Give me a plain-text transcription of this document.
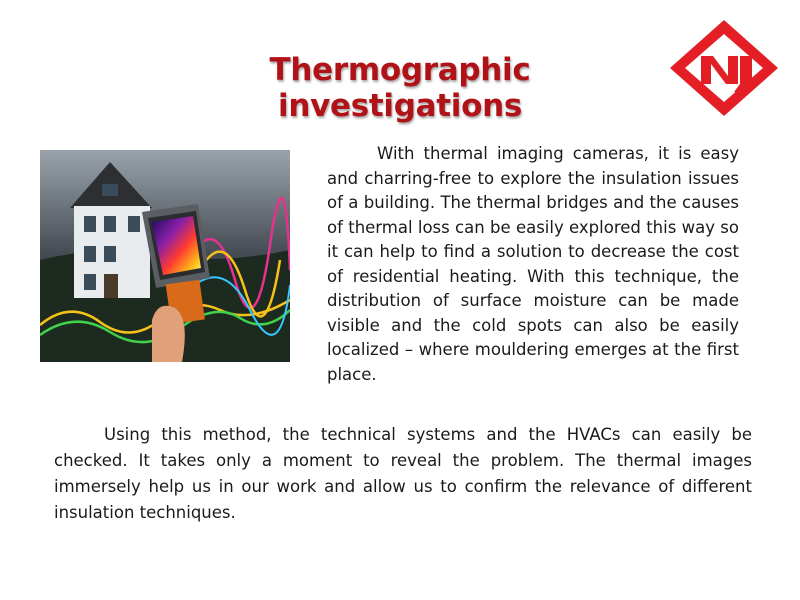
Thermographic investigations

With thermal imaging cameras, it is easy and charring-free to explore the insulation issues of a building. The thermal bridges and the causes of thermal loss can be easily explored this way so it can help to find a solution to decrease the cost of residential heating. With this technique, the distribution of surface moisture can be made visible and the cold spots can also be easily localized – where mouldering emerges at the first place.

Using this method, the technical systems and the HVACs can easily be checked. It takes only a moment to reveal the problem. The thermal images immersely help us in our work and allow us to confirm the relevance of different insulation techniques.
